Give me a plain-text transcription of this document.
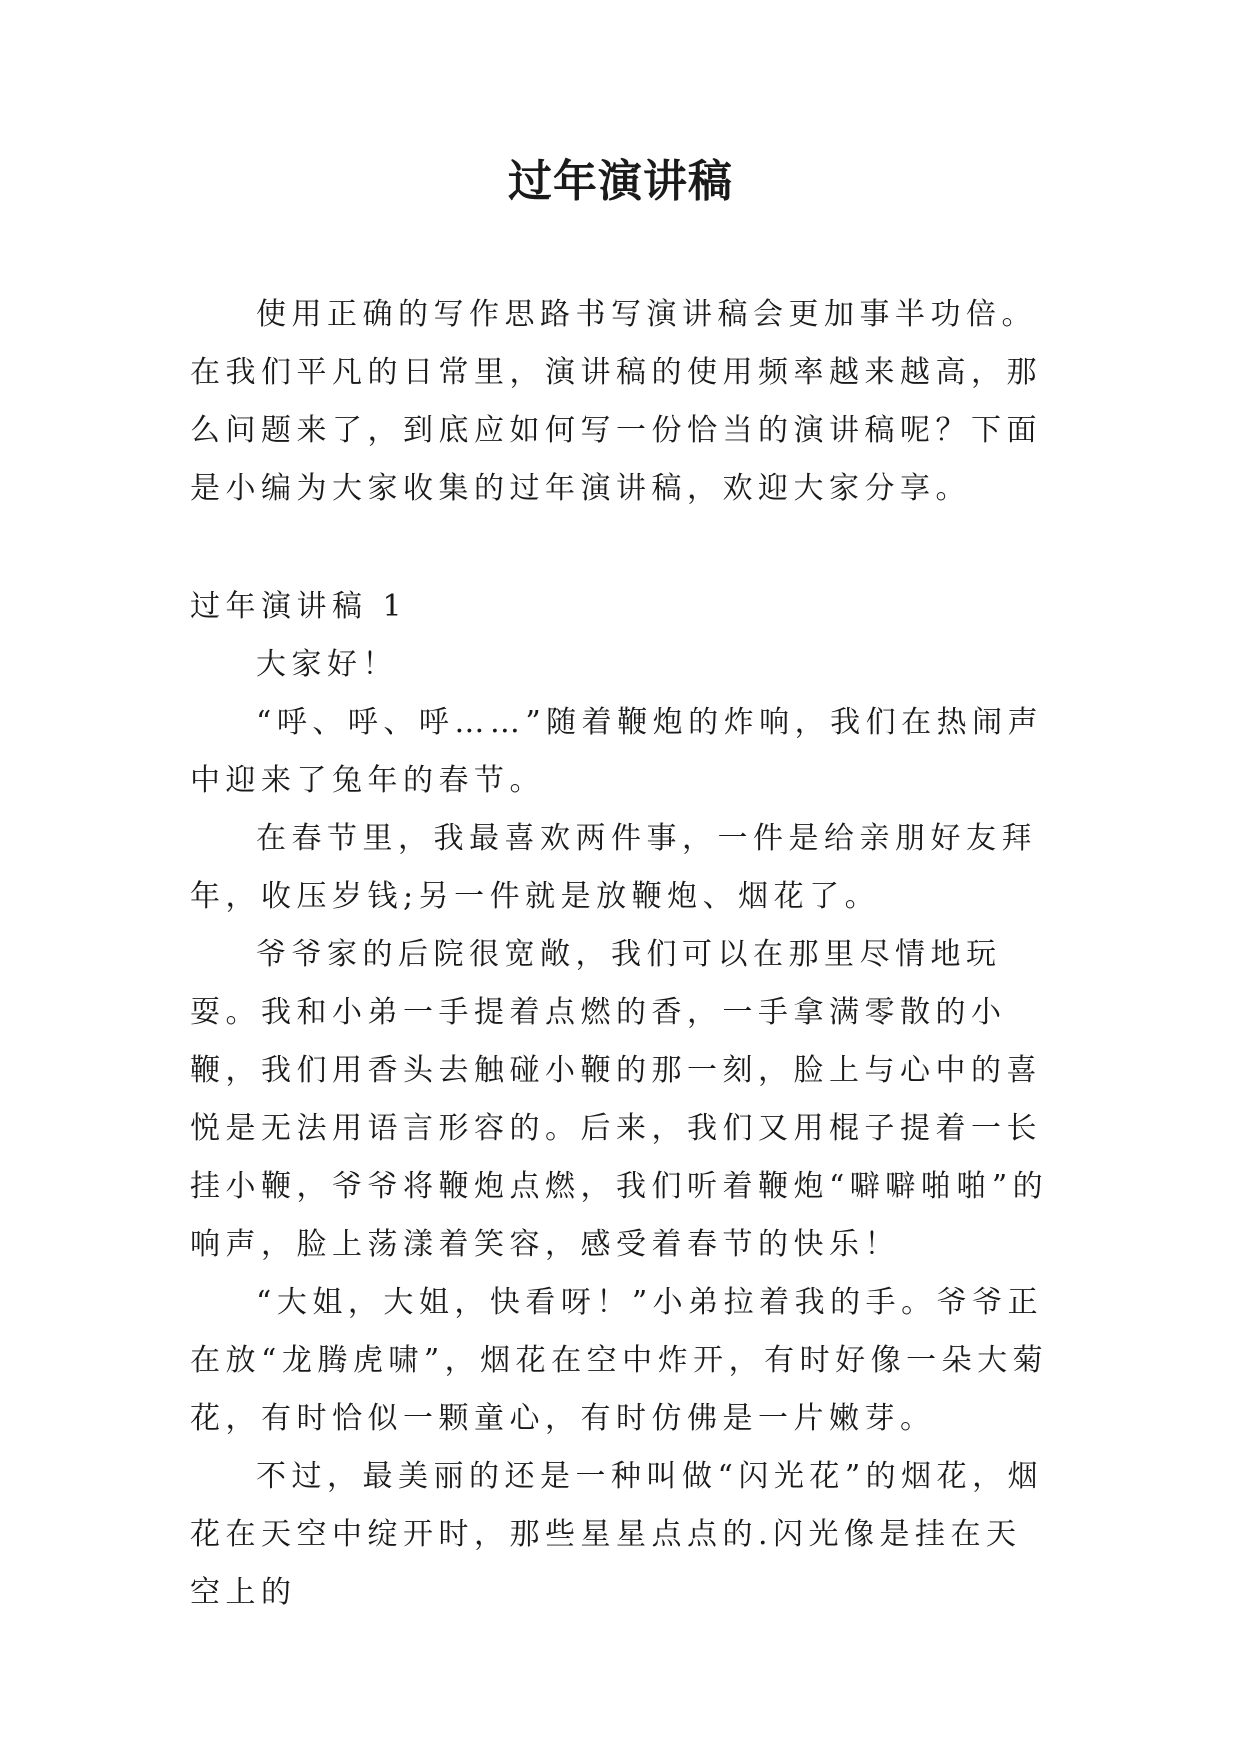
过年演讲稿

使用正确的写作思路书写演讲稿会更加事半功倍。在我们平凡的日常里，演讲稿的使用频率越来越高，那么问题来了，到底应如何写一份恰当的演讲稿呢？下面是小编为大家收集的过年演讲稿，欢迎大家分享。

过年演讲稿 1

大家好！

“呼、呼、呼……”随着鞭炮的炸响，我们在热闹声中迎来了兔年的春节。

在春节里，我最喜欢两件事，一件是给亲朋好友拜年，收压岁钱;另一件就是放鞭炮、烟花了。

爷爷家的后院很宽敞，我们可以在那里尽情地玩耍。我和小弟一手提着点燃的香，一手拿满零散的小鞭，我们用香头去触碰小鞭的那一刻，脸上与心中的喜悦是无法用语言形容的。后来，我们又用棍子提着一长挂小鞭，爷爷将鞭炮点燃，我们听着鞭炮“噼噼啪啪”的响声，脸上荡漾着笑容，感受着春节的快乐！

“大姐，大姐，快看呀！”小弟拉着我的手。爷爷正在放“龙腾虎啸”，烟花在空中炸开，有时好像一朵大菊花，有时恰似一颗童心，有时仿佛是一片嫩芽。

不过，最美丽的还是一种叫做“闪光花”的烟花，烟花在天空中绽开时，那些星星点点的.闪光像是挂在天空上的
